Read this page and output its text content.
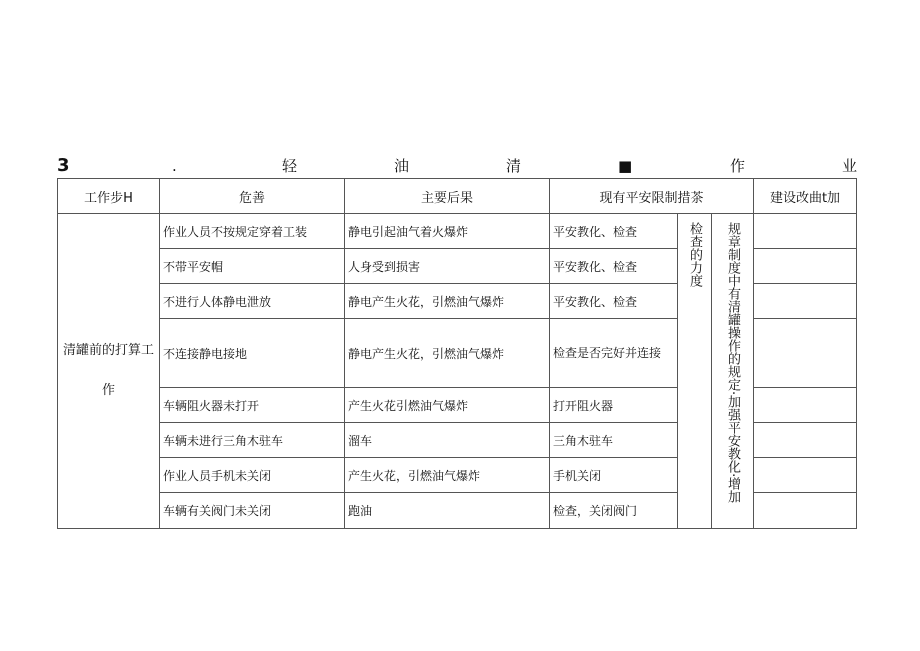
3	.	轻	油	清	■	作	业
工作步H	危善	主要后果	现有平安限制措茶			建设改曲t加
清罐前的打算工作	作业人员不按规定穿着工装	静电引起油气着火爆炸	平安教化、检查	检查的力度	规章制度中有清罐操作的规定·加强平安教化·增加	

	不带平安帽	人身受到损害	平安教化、检查			
	不进行人体静电泄放	静电产生火花，引燃油气爆炸	平安教化、检查			
	不连接静电接地	静电产生火花，引燃油气爆炸	检查是否完好并连接			
	车辆阻火器未打开	产生火花引燃油气爆炸	打开阻火器			
	车辆未进行三角木驻车	溜车	三角木驻车			
	作业人员手机未关闭	产生火花，引燃油气爆炸	手机关闭			
	车辆有关阀门未关闭	跑油	检查，关闭阀门			
